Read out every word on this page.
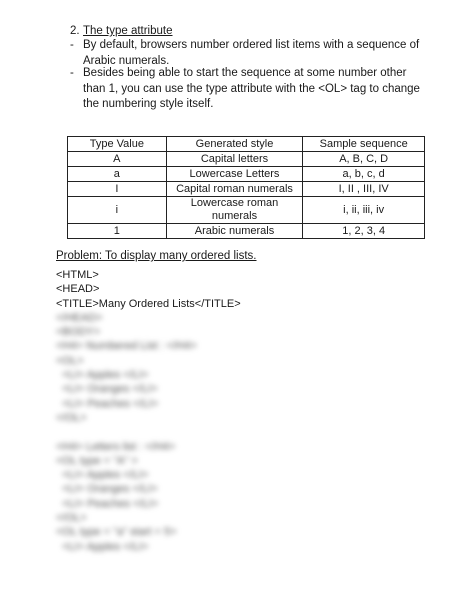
2. The type attribute
- By default, browsers number ordered list items with a sequence of Arabic numerals.
- Besides being able to start the sequence at some number other than 1, you can use the type attribute with the <OL> tag to change the numbering style itself.
Type Value	Generated style	Sample sequence
A	Capital letters	A, B, C, D
a	Lowercase Letters	a, b, c, d
I	Capital roman numerals	I, II , III, IV
i	Lowercase roman numerals	i, ii, iii, iv
1	Arabic numerals	1, 2, 3, 4
Problem: To display many ordered lists.
<HTML>
<HEAD>
<TITLE>Many Ordered Lists</TITLE>
</HEAD>
<BODY>
<H4> Numbered List : </H4>
<OL>
<LI> Apples </LI>
<LI> Oranges </LI>
<LI> Peaches </LI>
</OL>
<H4> Letters list : </H4>
<OL type = "A" >
<LI> Apples </LI>
<LI> Oranges </LI>
<LI> Peaches </LI>
</OL>
<OL type = "a" start = 5>
<LI> Apples </LI>
